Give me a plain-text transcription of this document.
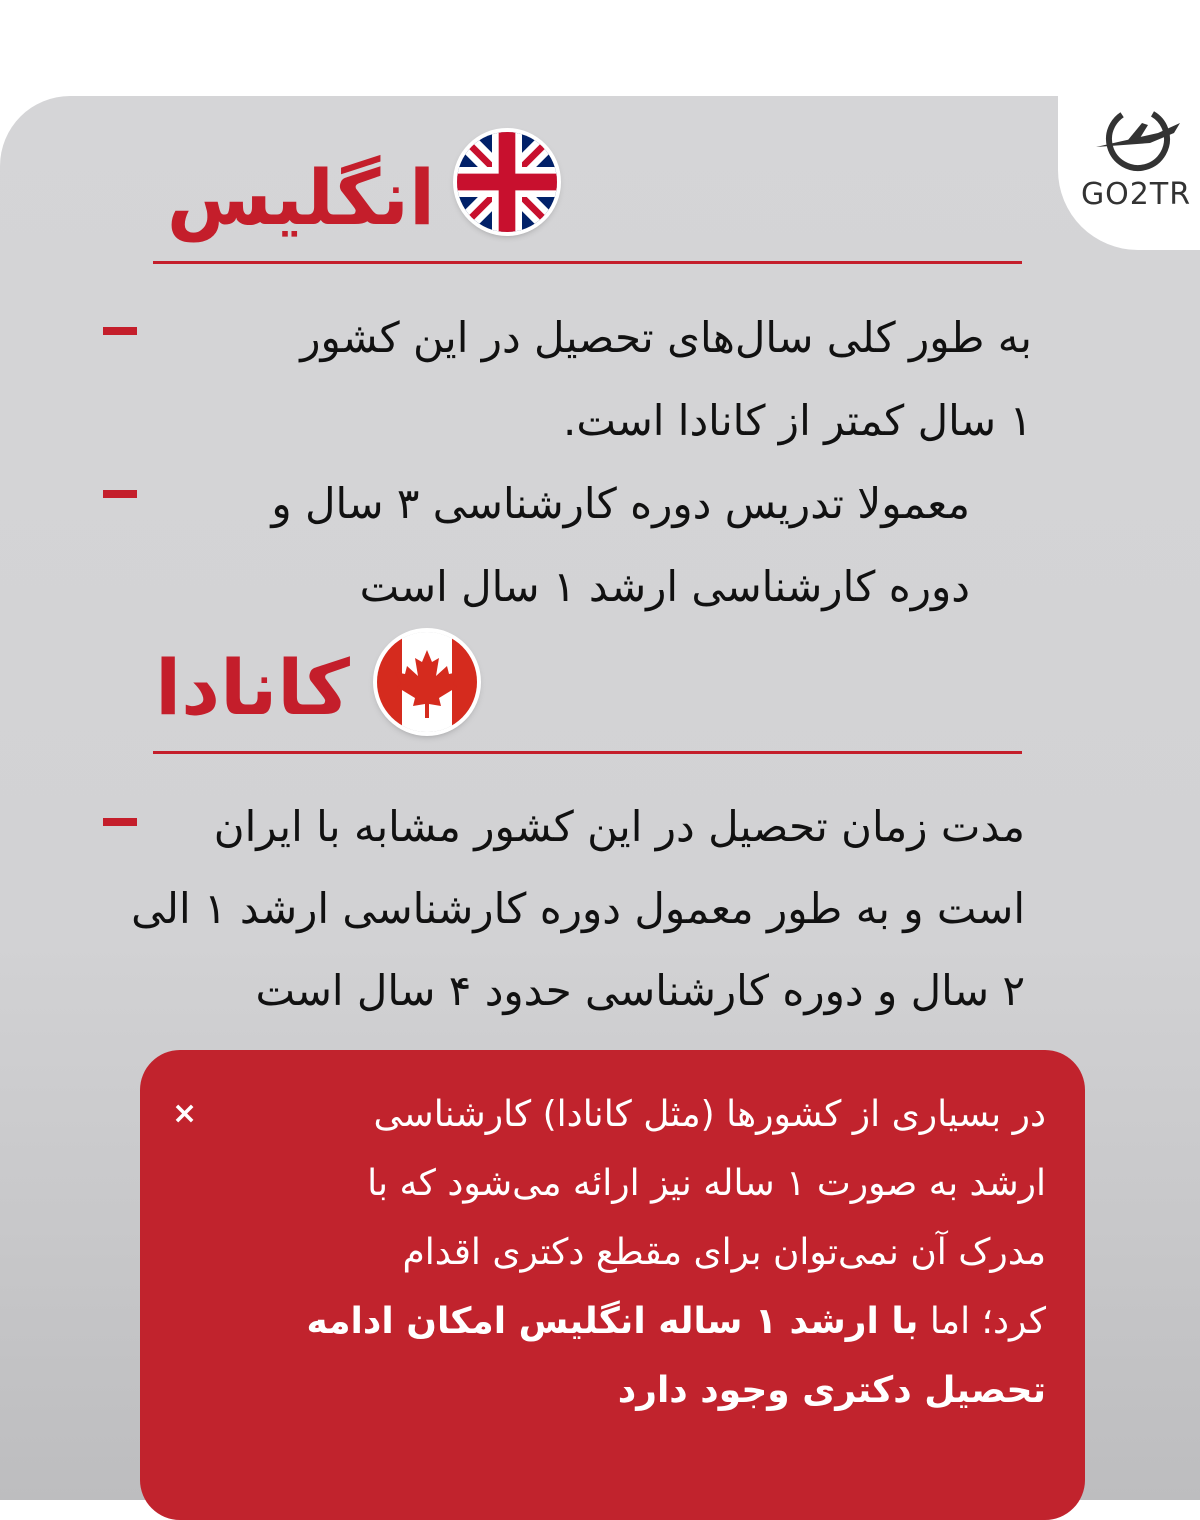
GO2TR
انگلیس
به طور کلی سال‌های تحصیل در این کشور
۱ سال کمتر از کانادا است.
معمولا تدریس دوره کارشناسی ۳ سال و
دوره کارشناسی ارشد ۱ سال است
کانادا
مدت زمان تحصیل در این کشور مشابه با ایران
است و به طور معمول دوره کارشناسی ارشد ۱ الی
۲ سال و دوره کارشناسی حدود ۴ سال است
×	در بسیاری از کشورها (مثل کانادا) کارشناسی
ارشد به صورت ۱ ساله نیز ارائه می‌شود که با
مدرک آن نمی‌توان برای مقطع دکتری اقدام
کرد؛ اما با ارشد ۱ ساله انگلیس امکان ادامه
تحصیل دکتری وجود دارد
